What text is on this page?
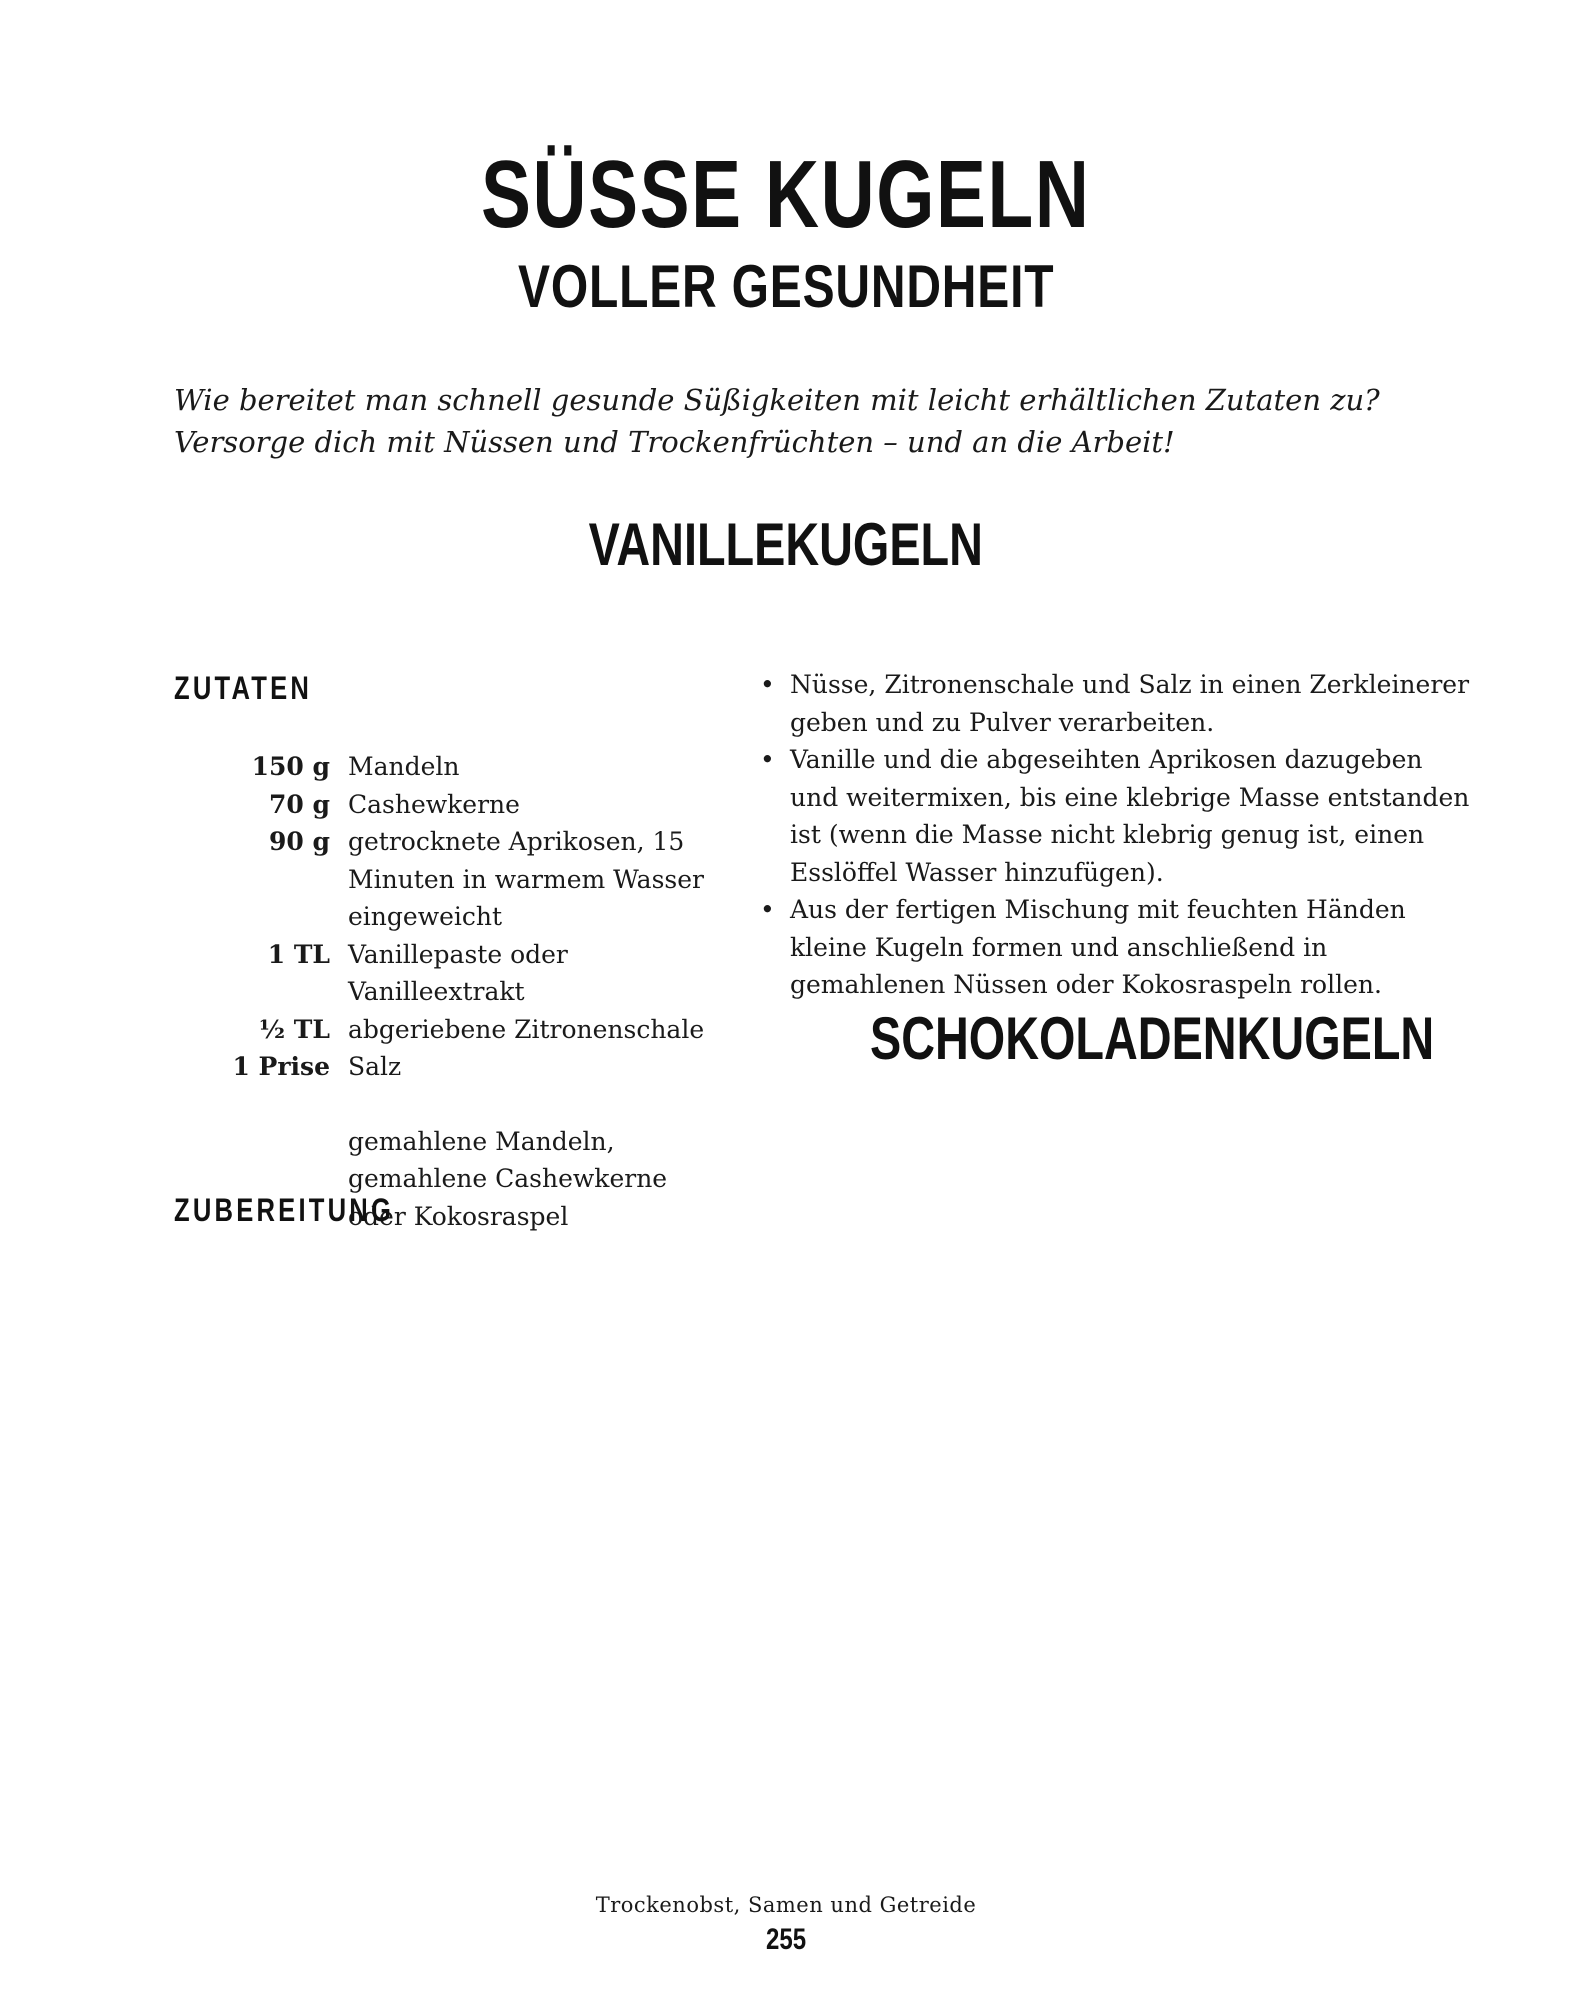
SÜSSE KUGELN
VOLLER GESUNDHEIT

Wie bereitet man schnell gesunde Süßigkeiten mit leicht erhältlichen Zutaten zu? Versorge dich mit Nüssen und Trockenfrüchten – und an die Arbeit!

VANILLEKUGELN
ZUTATEN
150 g Mandeln
70 g Cashewkerne
90 g getrocknete Aprikosen, 15 Minuten in warmem Wasser eingeweicht
1 TL Vanillepaste oder Vanilleextrakt
½ TL abgeriebene Zitronenschale
1 Prise Salz
gemahlene Mandeln, gemahlene Cashewkerne oder Kokosraspel
ZUBEREITUNG
• Nüsse, Zitronenschale und Salz in einen Zerkleinerer geben und zu Pulver verarbeiten.
• Vanille und die abgeseihten Aprikosen dazugeben und weitermixen, bis eine klebrige Masse entstanden ist (wenn die Masse nicht klebrig genug ist, einen Esslöffel Wasser hinzufügen).
• Aus der fertigen Mischung mit feuchten Händen kleine Kugeln formen und anschließend in gemahlenen Nüssen oder Kokosraspeln rollen.
SCHOKOLADENKUGELN
Trockenobst, Samen und Getreide
255
